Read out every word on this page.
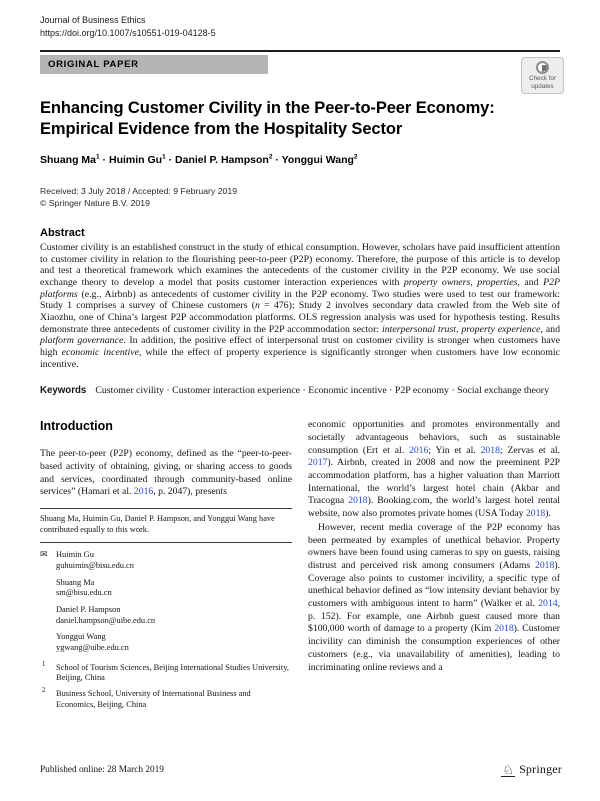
Journal of Business Ethics
https://doi.org/10.1007/s10551-019-04128-5
ORIGINAL PAPER
Check for
updates
Enhancing Customer Civility in the Peer-to-Peer Economy: Empirical Evidence from the Hospitality Sector
Shuang $Ma^1 \cdot Huimin$ $Gu^1$ · Daniel P. Hampson$^2$ · Yonggui Wang$^2$
Received: 3 July 2018 / Accepted: 9 February 2019
© Springer Nature B.V. 2019
Abstract

Customer civility is an established construct in the study of ethical consumption. However, scholars have paid insufficient attention to customer civility in relation to the flourishing peer-to-peer (P2P) economy. Therefore, the purpose of this article is to develop and test a theoretical framework which examines the antecedents of the customer civility in the P2P economy. We use social exchange theory to develop a model that posits customer interaction experiences with property owners, properties, and P2P platforms (e.g., Airbnb) as antecedents of customer civility in the P2P economy. Two studies were used to test our framework: Study 1 comprises a survey of Chinese customers (n = 476); Study 2 involves secondary data crawled from the Web site of Xiaozhu, one of China’s largest P2P accommodation platforms. OLS regression analysis was used for hypothesis testing. Results demonstrate three antecedents of customer civility in the P2P accommodation sector: interpersonal trust, property experience, and platform governance. In addition, the positive effect of interpersonal trust on customer civility is stronger when customers have high economic incentive, while the effect of property experience is significantly stronger when customers have low economic incentive.

Keywords Customer civility · Customer interaction experience · Economic incentive · P2P economy · Social exchange theory
Introduction

The peer-to-peer (P2P) economy, defined as the “peer-to-peer-based activity of obtaining, giving, or sharing access to goods and services, coordinated through community-based online services” (Hamari et al. 2016, p. 2047), presents

Shuang Ma, Huimin Gu, Daniel P. Hampson, and Yonggui Wang have contributed equally to this work.

✉ Huimin Gu
guhuimin@bisu.edu.cn
Shuang Ma
sm@bisu.edu.cn
Daniel P. Hampson
daniel.hampson@uibe.edu.cn
Yonggui Wang
ygwang@uibe.edu.cn
1 School of Tourism Sciences, Beijing International Studies University, Beijing, China
2 Business School, University of International Business and Economics, Beijing, China

economic opportunities and promotes environmentally and societally advantageous behaviors, such as sustainable consumption (Ert et al. 2016; Yin et al. 2018; Zervas et al. 2017). Airbnb, created in 2008 and now the preeminent P2P accommodation platform, has a higher valuation than Marriott International, the world’s largest hotel chain (Akbar and Tracogna 2018). Booking.com, the world’s largest hotel rental website, now also promotes private homes (USA Today 2018).

However, recent media coverage of the P2P economy has been permeated by examples of unethical behavior. Property owners have been found using cameras to spy on guests, raising distrust and perceived risk among consumers (Adams 2018). Coverage also points to customer incivility, a specific type of unethical behavior defined as “low intensity deviant behavior by customers with ambiguous intent to harm” (Walker et al. 2014, p. 152). For example, one Airbnb guest caused more than $100,000 worth of damage to a property (Kim 2018). Customer incivility can diminish the consumption experiences of other customers (e.g., via unavailability of amenities), leading to incriminating online reviews and a

Published online: 28 March 2019	♘ Springer
